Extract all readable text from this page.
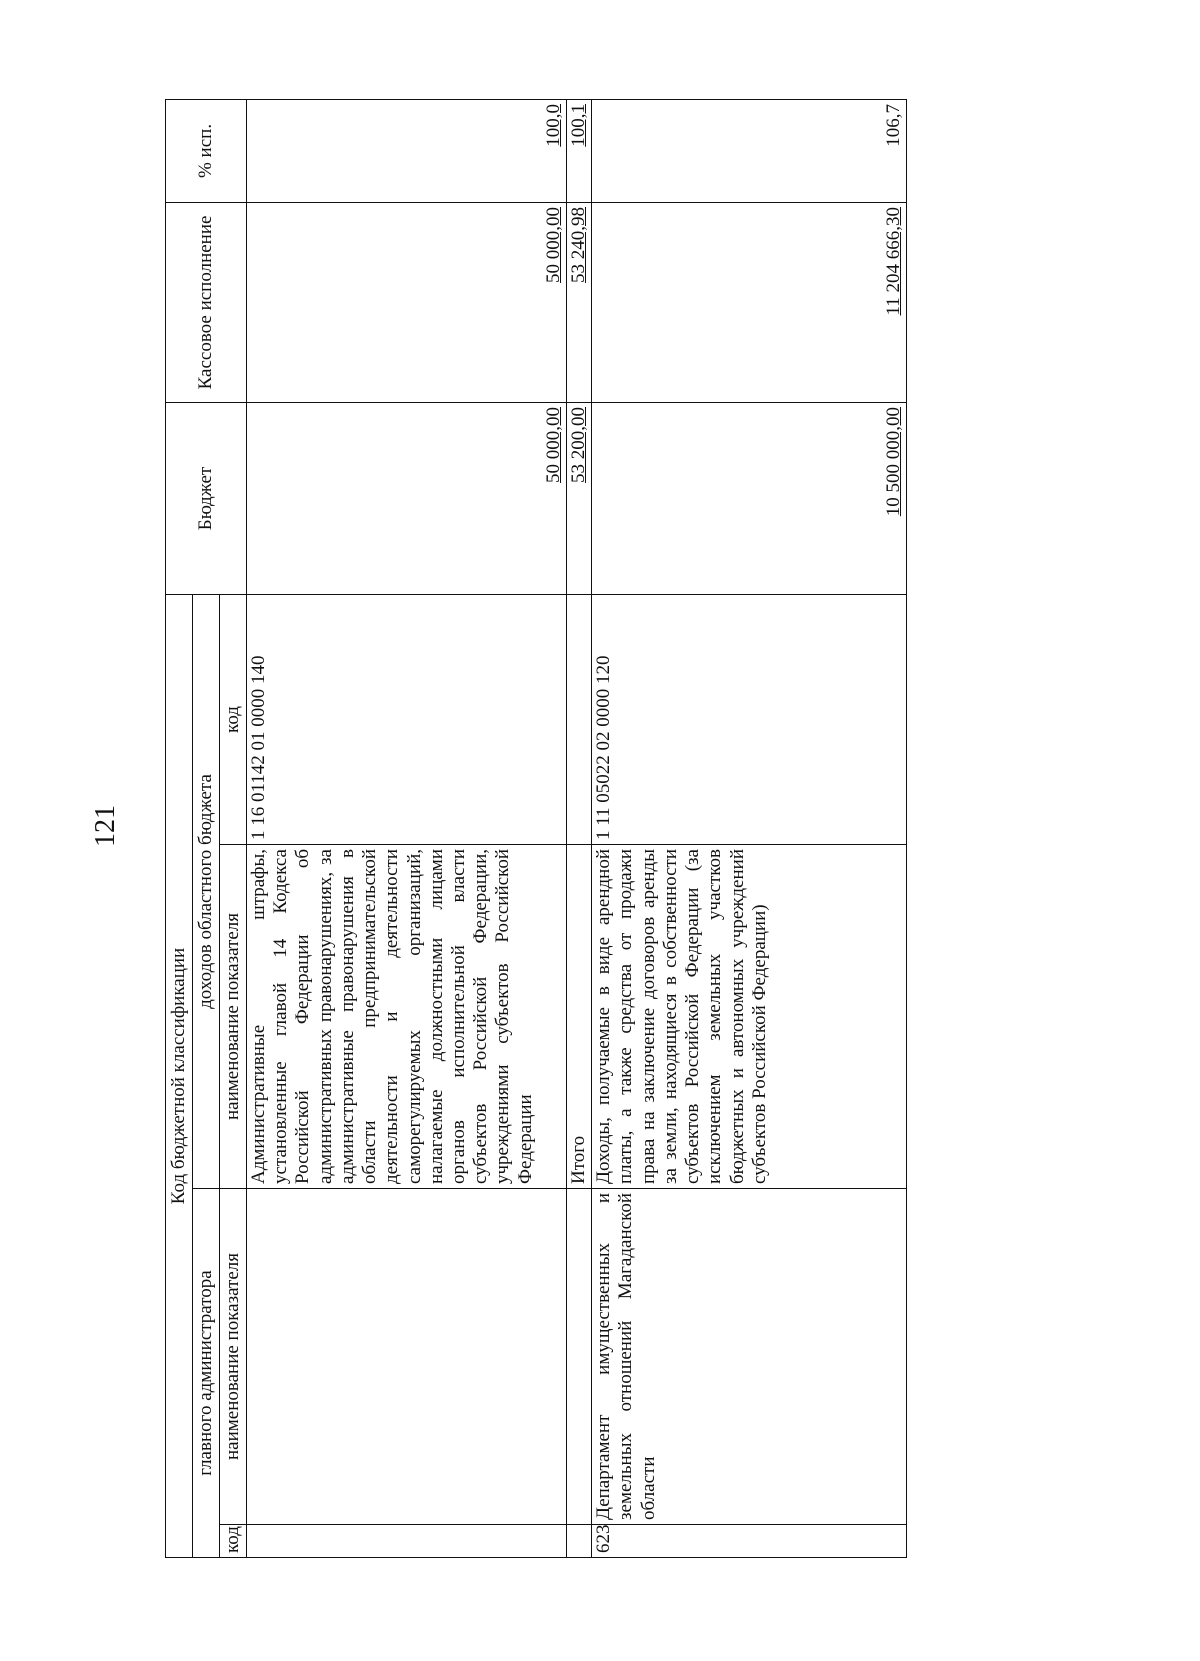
121
Код бюджетной классификации				Бюджет	Кассовое исполнение	% исп.
главного администратора		доходов областного бюджета				
код	наименование показателя	наименование показателя	код			
		Административные штрафы, установленные главой 14 Кодекса Российской Федерации об административных правонарушениях, за административные правонарушения в области предпринимательской деятельности и деятельности саморегулируемых организаций, налагаемые должностными лицами органов исполнительной власти субъектов Российской Федерации, учреждениями субъектов Российской Федерации	1 16 01142 01 0000 140	50 000,00	50 000,00	100,0
		Итого		53 200,00	53 240,98	100,1
623	Департамент имущественных и земельных отношений Магаданской области	Доходы, получаемые в виде арендной платы, а также средства от продажи права на заключение договоров аренды за земли, находящиеся в собственности субъектов Российской Федерации (за исключением земельных участков бюджетных и автономных учреждений субъектов Российской Федерации)	1 11 05022 02 0000 120	10 500 000,00	11 204 666,30	106,7
